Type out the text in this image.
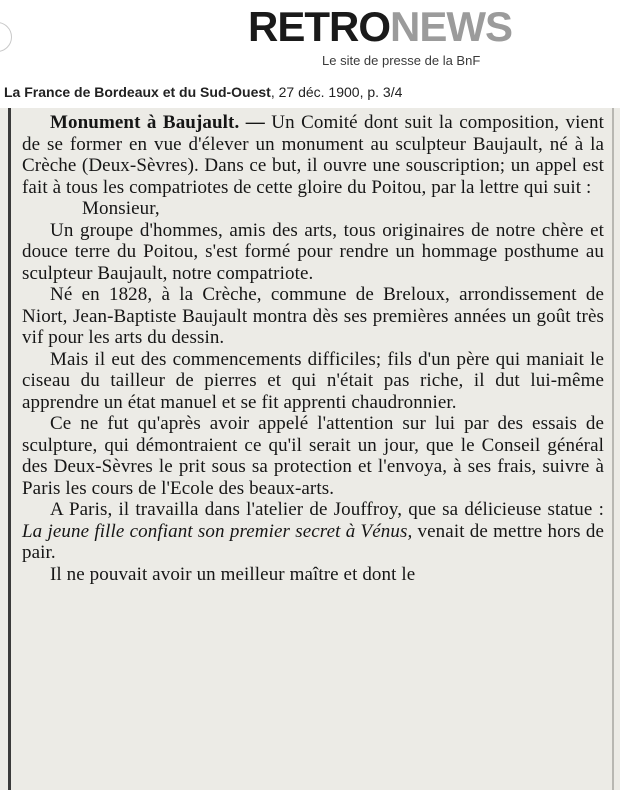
RETRONEWS
Le site de presse de la BnF
La France de Bordeaux et du Sud-Ouest, 27 déc. 1900, p. 3/4

Monument à Baujault. — Un Comité dont suit la composition, vient de se former en vue d'élever un monument au sculpteur Baujault, né à la Crèche (Deux-Sèvres). Dans ce but, il ouvre une souscription; un appel est fait à tous les compatriotes de cette gloire du Poitou, par la lettre qui suit :

Monsieur,

Un groupe d'hommes, amis des arts, tous originaires de notre chère et douce terre du Poitou, s'est formé pour rendre un hommage posthume au sculpteur Baujault, notre compatriote.

Né en 1828, à la Crèche, commune de Breloux, arrondissement de Niort, Jean-Baptiste Baujault montra dès ses premières années un goût très vif pour les arts du dessin.

Mais il eut des commencements difficiles; fils d'un père qui maniait le ciseau du tailleur de pierres et qui n'était pas riche, il dut lui-même apprendre un état manuel et se fit apprenti chaudronnier.

Ce ne fut qu'après avoir appelé l'attention sur lui par des essais de sculpture, qui démontraient ce qu'il serait un jour, que le Conseil général des Deux-Sèvres le prit sous sa protection et l'envoya, à ses frais, suivre à Paris les cours de l'Ecole des beaux-arts.

A Paris, il travailla dans l'atelier de Jouffroy, que sa délicieuse statue : La jeune fille confiant son premier secret à Vénus, venait de mettre hors de pair.

Il ne pouvait avoir un meilleur maître et dont le
